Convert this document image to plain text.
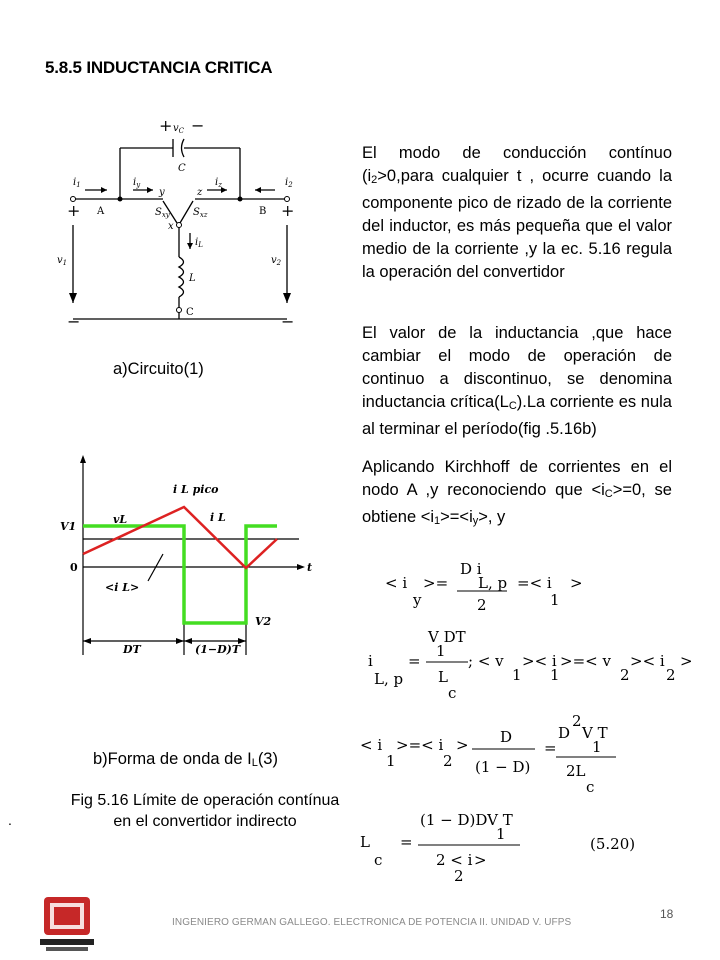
5.8.5 INDUCTANCIA CRITICA
El modo de conducción contínuo (i2>0,para cualquier t , ocurre cuando la componente pico de rizado de la corriente del inductor, es más pequeña que el valor medio de la corriente ,y la ec. 5.16 regula la operación del convertidor
El valor de la inductancia ,que hace cambiar el modo de operación de continuo a discontinuo, se denomina inductancia crítica(LC).La corriente es nula al terminar el período(fig .5.16b)
Aplicando Kirchhoff de corrientes en el nodo A ,y reconociendo que <iC>=0, se obtiene <i1>=<iy>, y
+ −
$v_C$
C
$i_1$	$i_y$	$i_z$	$i_2$
y	z
A	B
$S_{xy}$ $S_{xz}$
x
$i_L$
L
C
$v_1$	$v_2$
+	+
−	−
a)Circuito(1)
i L pico
i L
vL
V1
V2
0	t
<i L>
DT	(1−D)T
b)Forma de onda de IL(3)
Fig 5.16 Límite de operación contínua en el convertidor indirecto
.
< i
y
>=
D i
L, p
2
=< i
1
>
i
L, p
=
V DT
1
L
c
; < v
1
>< i
1
>=< v
2
>< i
2
>
< i
1
>=< i
2
> D
(1 − D)
=
D
2
V T
1
2L
c
L
c
=
(1 − D)DV T
1
2 < i
2
>
(5.20)
INGENIERO GERMAN GALLEGO. ELECTRONICA DE POTENCIA II. UNIDAD V. UFPS
18
